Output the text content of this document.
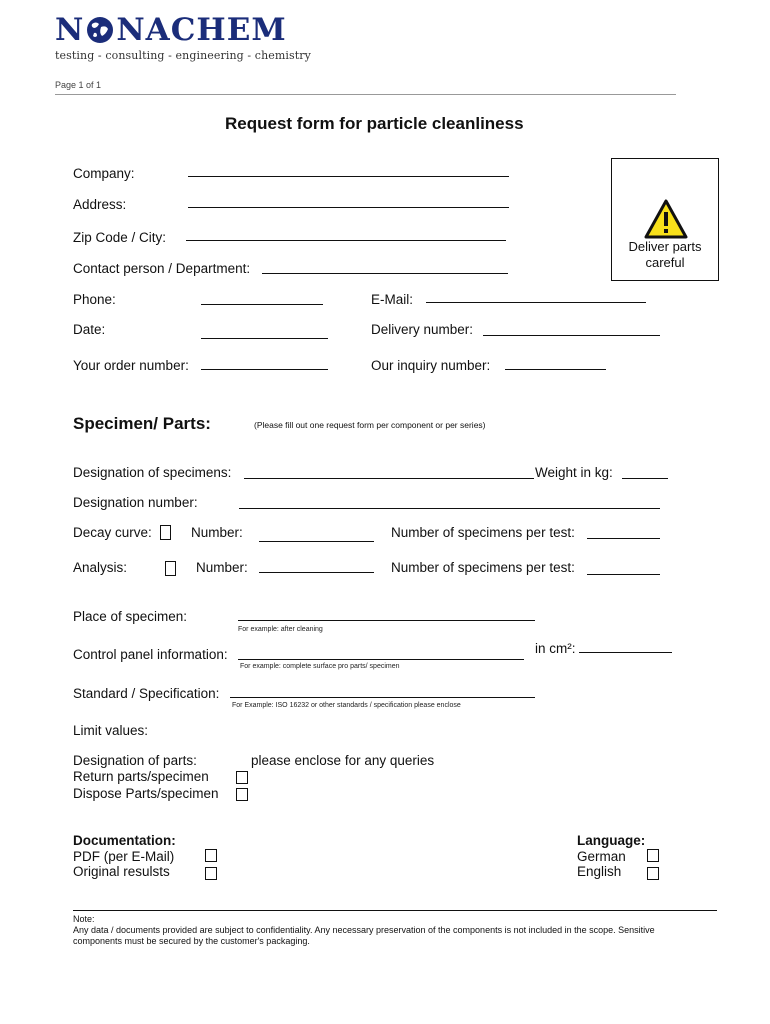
N NACHEM
testing - consulting - engineering - chemistry
Page 1 of 1
Request form for particle cleanliness
Deliver parts
careful
Company:
Address:
Zip Code / City:
Contact person / Department:
Phone:	E-Mail:
Date:	Delivery number:
Your order number:	Our inquiry number:
Specimen/ Parts:	(Please fill out one request form per component or per series)
Designation of specimens:	Weight in kg:
Designation number:
Decay curve:	Number:	Number of specimens per test:
Analysis:	Number:	Number of specimens per test:
Place of specimen:
For example: after cleaning
Control panel information:
For example: complete surface pro parts/ specimen
in cm²:
Standard / Specification:
For Example: ISO 16232 or other standards / specification please enclose
Limit values:
Designation of parts:	please enclose for any queries
Return parts/specimen
Dispose Parts/specimen
Documentation:
PDF (per E-Mail)
Original resulsts
Language:
German
English
Note:
Any data / documents provided are subject to confidentiality. Any necessary preservation of the components is not included in the scope. Sensitive components must be secured by the customer's packaging.
